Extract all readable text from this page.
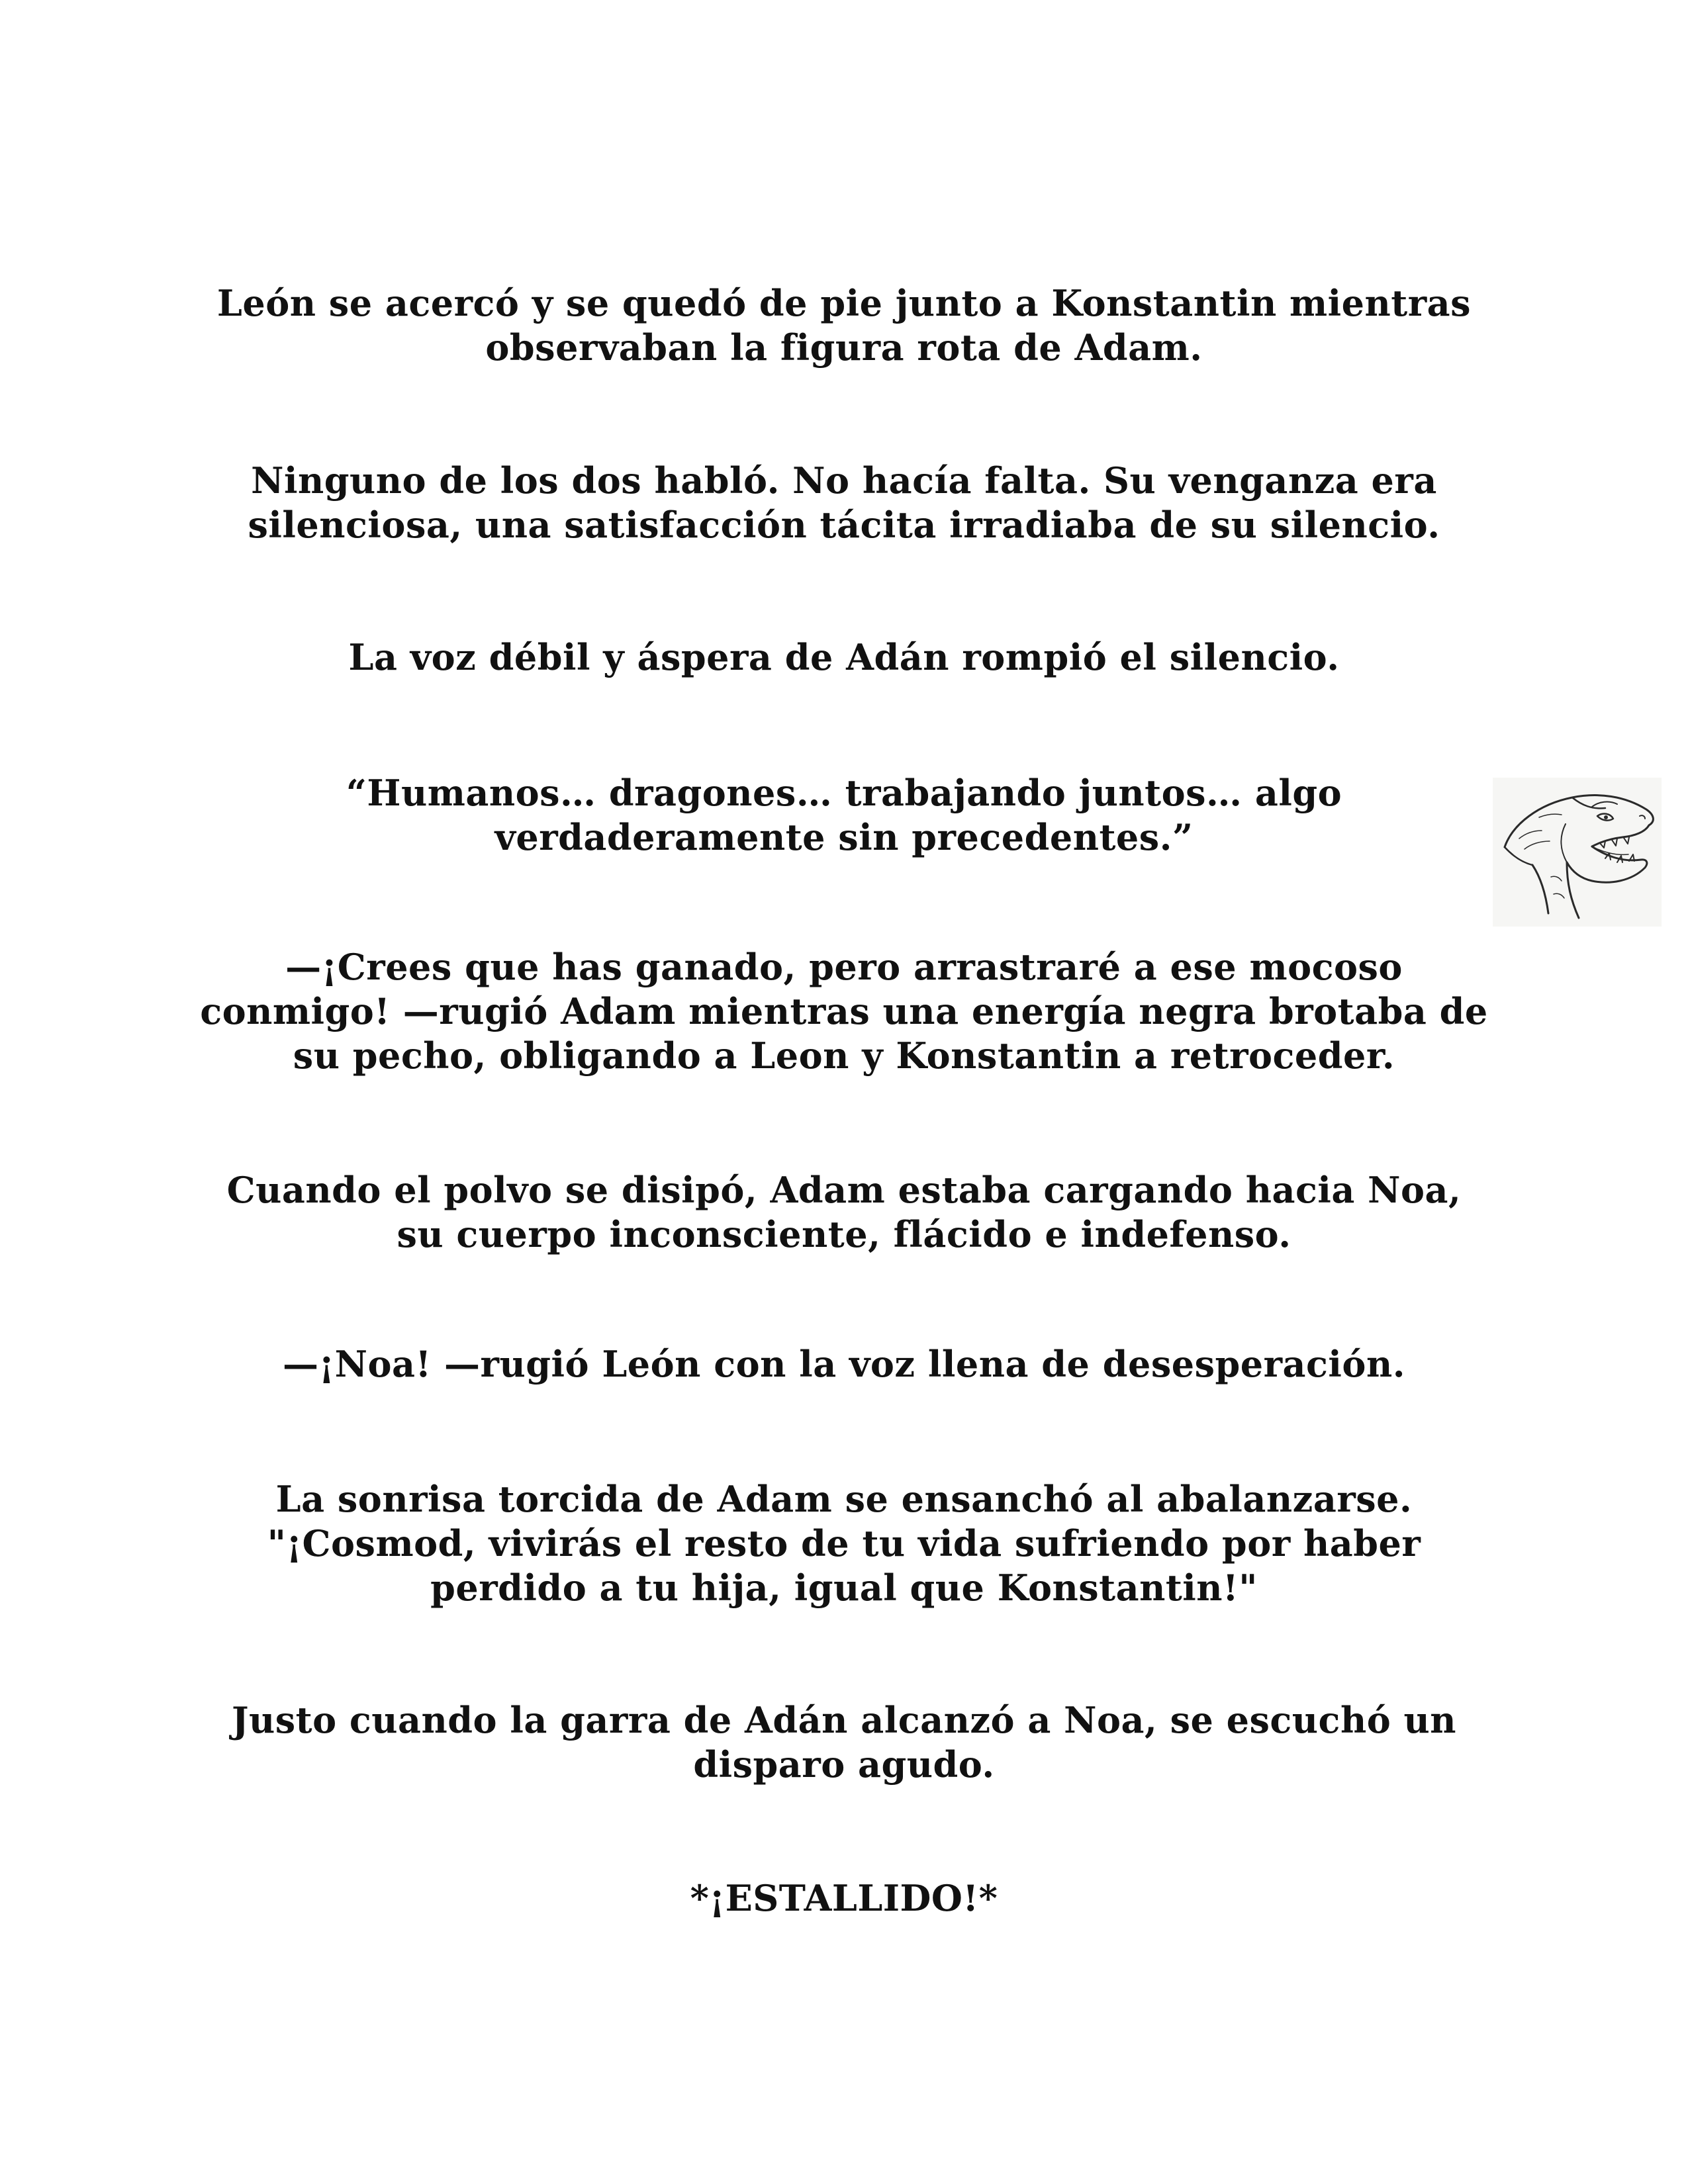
León se acercó y se quedó de pie junto a Konstantin mientras
observaban la figura rota de Adam.

Ninguno de los dos habló. No hacía falta. Su venganza era
silenciosa, una satisfacción tácita irradiaba de su silencio.

La voz débil y áspera de Adán rompió el silencio.

“Humanos… dragones… trabajando juntos… algo
verdaderamente sin precedentes.”

—¡Crees que has ganado, pero arrastraré a ese mocoso
conmigo! —rugió Adam mientras una energía negra brotaba de
su pecho, obligando a Leon y Konstantin a retroceder.

Cuando el polvo se disipó, Adam estaba cargando hacia Noa,
su cuerpo inconsciente, flácido e indefenso.

—¡Noa! —rugió León con la voz llena de desesperación.

La sonrisa torcida de Adam se ensanchó al abalanzarse.
"¡Cosmod, vivirás el resto de tu vida sufriendo por haber
perdido a tu hija, igual que Konstantin!"

Justo cuando la garra de Adán alcanzó a Noa, se escuchó un
disparo agudo.

*¡ESTALLIDO!*
